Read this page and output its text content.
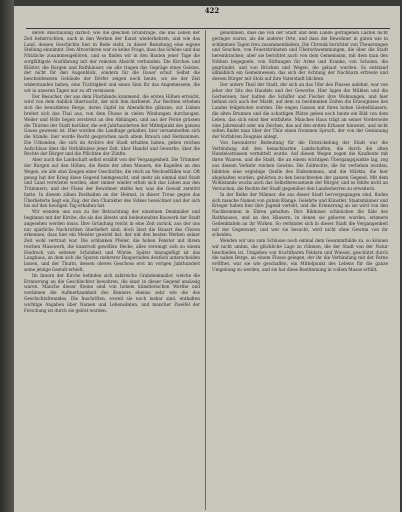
422
deren Anschauung darbot; wie die gleichen Grundzüge, die das Leben der Zeit beherrschten, auch in den Werken der Kunst wiederkehren, und wie das Land, dessen Geschichte hier in Rede steht, in dieser Beziehung eine eigene Stellung einnimmt. Den Altvorderen war es keine Frage, dass das Schöne und das Nützliche zusammengehören, und so finden wir in den Bauten jener Tage die sorgfältigste Ausführung mit der reinsten Absicht verbunden. Die Kirchen und Klöster, die Burgen und Rathhäuser, sie alle tragen das Gepräge eines Geistes, der nicht für den Augenblick, sondern für die Dauer schuf. Selbst die bescheidensten Gebäude der Dörfer zeigen noch heute, wo sie der Zeit widerstanden haben, eine Tüchtigkeit und einen Sinn für das Angemessene, die wir in unseren Tagen nur zu oft vermissen.
Der Besucher, der aus dem Flachlande kommend, die ersten Höhen erreicht, wird von dem Anblick überrascht, der sich ihm darbietet. Zur Rechten erheben sich die bewaldeten Berge, deren Gipfel im Abendlichte glänzen; zur Linken breitet sich das Thal aus, von dem Flusse in vielen Windungen durchzogen. Weiler und Höfe liegen zerstreut an den Abhängen, und aus der Ferne grüssen die Thürme der Stadt herüber, die seit Jahrhunderten der Mittelpunkt des ganzen Gaues gewesen ist. Hier wurden die Landtage gehalten, hier versammelten sich die Stände, hier wurde Recht gesprochen nach altem Brauch und Herkommen. Die Urkunden, die sich im Archive der Stadt erhalten haben, geben reichen Aufschluss über die Verhältnisse jener Zeit, über Handel und Gewerbe, über die Rechte der Bürger und die Pflichten der Zünfte.
Aber auch die Landschaft selbst erzählt von der Vergangenheit. Die Trümmer der Burgen auf den Höhen, die Reste der alten Mauern, die Kapellen an den Wegen, sie alle sind Zeugen einer Geschichte, die reich an Wechselfällen war. Oft genug hat der Krieg diese Gegend heimgesucht, und mehr als einmal sind Stadt und Land verwüstet worden; aber immer wieder erhob sich das Leben aus den Trümmern, und der Fleiss der Bewohner stellte her, was die Gewalt zerstört hatte. In diesem zähen Festhalten an der Heimat, in dieser Treue gegen das Überlieferte liegt ein Zug, der den Charakter des Volkes bezeichnet und der sich bis auf den heutigen Tag erhalten hat.
Wir wenden uns nun zu der Betrachtung der einzelnen Denkmäler und beginnen mit der Kirche, die als das älteste und bedeutendste Bauwerk der Stadt angesehen werden muss. Ihre Gründung reicht in eine Zeit zurück, aus der uns nur spärliche Nachrichten überliefert sind; doch lässt die Bauart des Chores erkennen, dass hier ein Meister gewirkt hat, der mit den besten Werken seiner Zeit wohl vertraut war. Die schlanken Pfeiler, die hohen Fenster mit ihrem reichen Masswerk, die kunstvoll gewölbte Decke, alles vereinigt sich zu einem Eindruck von seltener Schönheit und Würde. Später hinzugefügt ist das Langhaus, an dem sich die Spuren mehrerer Bauperioden deutlich unterscheiden lassen, und der Thurm, dessen oberes Geschoss erst im vorigen Jahrhundert seine jetzige Gestalt erhielt.
Im Innern der Kirche befinden sich zahlreiche Grabdenkmäler, welche die Erinnerung an die Geschlechter bewahren, die einst in dieser Gegend ansässig waren. Manche dieser Steine sind von hohem künstlerischen Werthe und verdienen die Aufmerksamkeit des Kenners ebenso sehr wie die des Geschichtsfreundes. Die Inschriften, soweit sie noch lesbar sind, enthalten wichtige Angaben über Namen und Lebensdaten, und mancher Zweifel der Forschung ist durch sie gelöst worden.
genommen, dass die von der Stadt und dem Lande getragenen Lasten nicht geringer waren, als die anderer Orte, und dass die Bewohner in guten wie in schlimmen Tagen treu zusammenhielten. Die Chronik berichtet von Theuerungen und Seuchen, von Feuersbrünsten und Überschwemmungen, die über die Stadt hereinbrachen; aber sie berichtet auch von dem Gemeinsinn, mit dem man den Nöthen begegnete, von Stiftungen für Arme und Kranke, von Schulen, die gegründet, und von Brücken und Wegen, die gebaut wurden. So entstand allmählich ein Gemeinwesen, das sich der Achtung der Nachbarn erfreute und dessen Bürger mit Stolz auf ihre Vaterstadt blickten.
Der untere Theil der Stadt, der sich an das Ufer des Flusses anlehnt, war von jeher der Sitz des Handels und der Gewerbe. Hier lagen die Mühlen und die Gerbereien, hier hatten die Schiffer und Fischer ihre Wohnungen, und hier befand sich auch der Markt, auf dem zu bestimmten Zeiten die Erzeugnisse des Landes feilgeboten wurden. Die engen Gassen mit ihren hohen Giebelhäusern, die alten Brunnen und die schattigen Plätze geben noch heute ein Bild von dem Leben, das sich einst hier entfaltete. Manches Haus trägt an seiner Vorderseite eine Jahreszahl oder ein Zeichen, das auf den ersten Erbauer hinweist, und nicht selten findet man über der Thür einen frommen Spruch, der von der Gesinnung der Vorfahren Zeugniss ablegt.
Von besonderer Bedeutung für die Entwickelung der Stadt war die Verbindung mit den benachbarten Landschaften, die durch die alten Handelsstrassen vermittelt wurde. Auf diesen Wegen zogen die Kaufleute mit ihren Waaren, und die Stadt, die an einem wichtigen Übergangspunkte lag, zog aus diesem Verkehr reichen Gewinn. Die Zollrechte, die ihr verliehen wurden, bildeten eine ergiebige Quelle des Einkommens, und die Märkte, die hier abgehalten wurden, gehörten zu den besuchtesten der ganzen Gegend. Mit dem Wohlstande wuchs auch das Selbstbewusstsein der Bürger, und es fehlte nicht an Versuchen, die Rechte der Stadt gegenüber den Landesherren zu erweitern.
In der Reihe der Männer, die aus dieser Stadt hervorgegangen sind, finden sich manche Namen von gutem Klange. Gelehrte und Künstler, Staatsmänner und Krieger haben hier ihre Jugend verlebt, und die Erinnerung an sie wird von den Nachkommen in Ehren gehalten. Ihre Bildnisse schmücken die Säle des Rathhauses, und an den Häusern, in denen sie geboren wurden, erinnern Gedenktafeln an ihr Wirken. So verbindet sich in dieser Stadt die Vergangenheit mit der Gegenwart, und wer sie besucht, wird nicht ohne Gewinn von ihr scheiden.
Wenden wir uns zum Schlusse noch einmal dem Gesammtbilde zu, so können wir nicht umhin, die glückliche Lage zu rühmen, die der Stadt von der Natur beschieden ist. Umgeben von fruchtbaren Feldern und Wiesen, geschützt durch die nahen Berge, an einem Flusse gelegen, der ihr die Verbindung mit der Ferne eröffnet, war sie wie geschaffen, ein Mittelpunkt des Lebens für die ganze Umgebung zu werden, und sie hat diese Bestimmung in vollem Masse erfüllt.
